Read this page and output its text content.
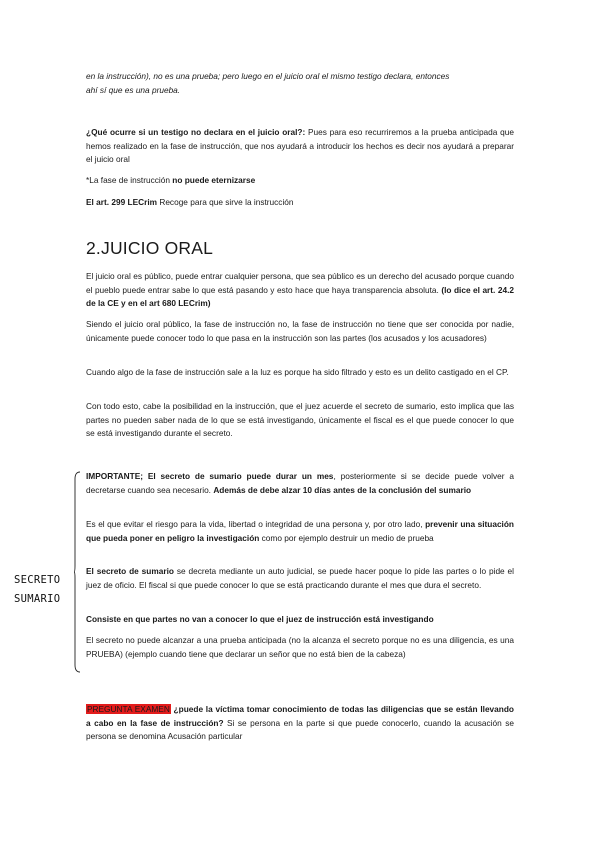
en la instrucción), no es una prueba; pero luego en el juicio oral el mismo testigo declara, entonces
ahí sí que es una prueba.

¿Qué ocurre si un testigo no declara en el juicio oral?: Pues para eso recurriremos a la prueba anticipada que hemos realizado en la fase de instrucción, que nos ayudará a introducir los hechos es decir nos ayudará a preparar el juicio oral

*La fase de instrucción no puede eternizarse

El art. 299 LECrim Recoge para que sirve la instrucción

2.JUICIO ORAL

El juicio oral es público, puede entrar cualquier persona, que sea público es un derecho del acusado porque cuando el pueblo puede entrar sabe lo que está pasando y esto hace que haya transparencia absoluta. (lo dice el art. 24.2 de la CE y en el art 680 LECrim)

Siendo el juicio oral público, la fase de instrucción no, la fase de instrucción no tiene que ser conocida por nadie, únicamente puede conocer todo lo que pasa en la instrucción son las partes (los acusados y los acusadores)

Cuando algo de la fase de instrucción sale a la luz es porque ha sido filtrado y esto es un delito castigado en el CP.

Con todo esto, cabe la posibilidad en la instrucción, que el juez acuerde el secreto de sumario, esto implica que las partes no pueden saber nada de lo que se está investigando, únicamente el fiscal es el que puede conocer lo que se está investigando durante el secreto.

SECRETO
SUMARIO

IMPORTANTE; El secreto de sumario puede durar un mes, posteriormente si se decide puede volver a decretarse cuando sea necesario. Además de debe alzar 10 días antes de la conclusión del sumario

Es el que evitar el riesgo para la vida, libertad o integridad de una persona y, por otro lado, prevenir una situación que pueda poner en peligro la investigación como por ejemplo destruir un medio de prueba

El secreto de sumario se decreta mediante un auto judicial, se puede hacer poque lo pide las partes o lo pide el juez de oficio. El fiscal si que puede conocer lo que se está practicando durante el mes que dura el secreto.

Consiste en que partes no van a conocer lo que el juez de instrucción está investigando

El secreto no puede alcanzar a una prueba anticipada (no la alcanza el secreto porque no es una diligencia, es una PRUEBA) (ejemplo cuando tiene que declarar un señor que no está bien de la cabeza)

PREGUNTA EXAMEN ¿puede la víctima tomar conocimiento de todas las diligencias que se están llevando a cabo en la fase de instrucción? Si se persona en la parte si que puede conocerlo, cuando la acusación se persona se denomina Acusación particular
